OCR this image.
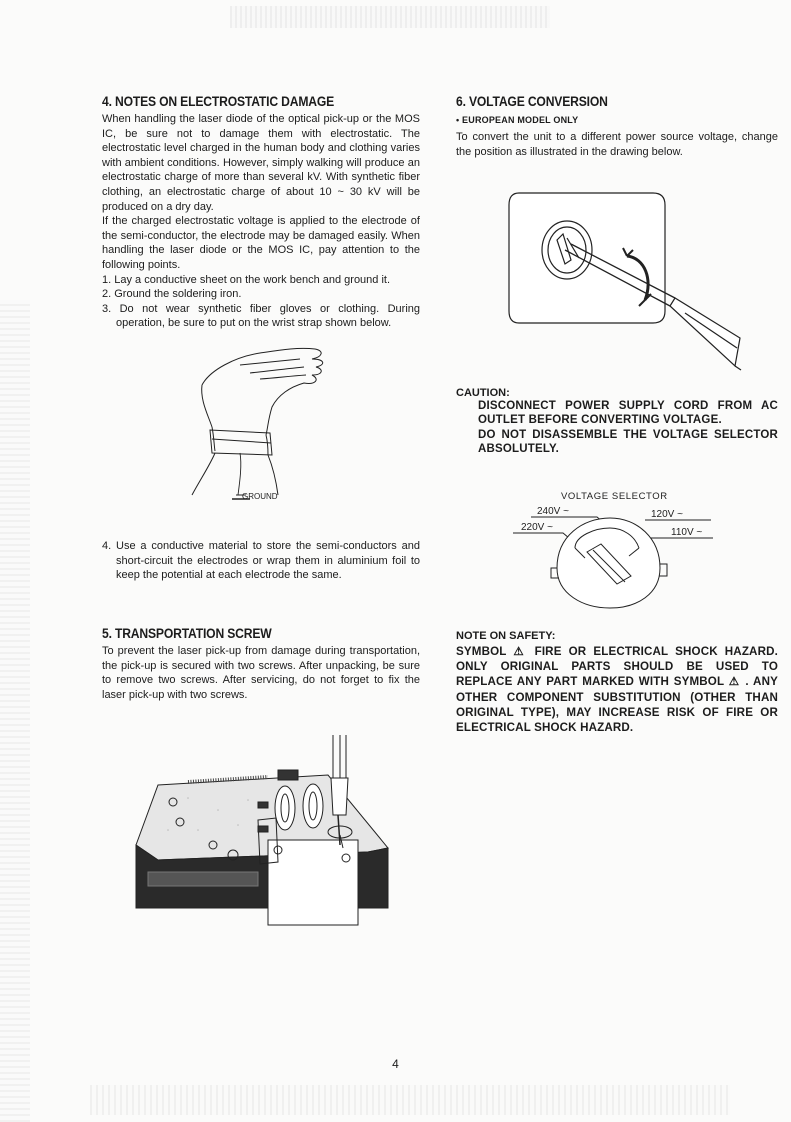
4. NOTES ON ELECTROSTATIC DAMAGE

When handling the laser diode of the optical pick-up or the MOS IC, be sure not to damage them with electrostatic. The electrostatic level charged in the human body and clothing varies with ambient conditions. However, simply walking will produce an electrostatic charge of more than several kV. With synthetic fiber clothing, an electrostatic charge of about 10 ~ 30 kV will be produced on a dry day.

If the charged electrostatic voltage is applied to the electrode of the semi-conductor, the electrode may be damaged easily. When handling the laser diode or the MOS IC, pay attention to the following points.

1. Lay a conductive sheet on the work bench and ground it.
2. Ground the soldering iron.
3. Do not wear synthetic fiber gloves or clothing. During operation, be sure to put on the wrist strap shown below.
GROUND
4. Use a conductive material to store the semi-conductors and short-circuit the electrodes or wrap them in aluminium foil to keep the potential at each electrode the same.
5. TRANSPORTATION SCREW

To prevent the laser pick-up from damage during transportation, the pick-up is secured with two screws. After unpacking, be sure to remove two screws. After servicing, do not forget to fix the laser pick-up with two screws.

6. VOLTAGE CONVERSION
• EUROPEAN MODEL ONLY

To convert the unit to a different power source voltage, change the position as illustrated in the drawing below.

CAUTION:
DISCONNECT POWER SUPPLY CORD FROM AC OUTLET BEFORE CONVERTING VOLTAGE.
DO NOT DISASSEMBLE THE VOLTAGE SELECTOR ABSOLUTELY.
VOLTAGE SELECTOR
240V ~	120V ~
220V ~	110V ~
NOTE ON SAFETY:
SYMBOL ⚠ FIRE OR ELECTRICAL SHOCK HAZARD. ONLY ORIGINAL PARTS SHOULD BE USED TO REPLACE ANY PART MARKED WITH SYMBOL ⚠ . ANY OTHER COMPONENT SUBSTITUTION (OTHER THAN ORIGINAL TYPE), MAY INCREASE RISK OF FIRE OR ELECTRICAL SHOCK HAZARD.
4
